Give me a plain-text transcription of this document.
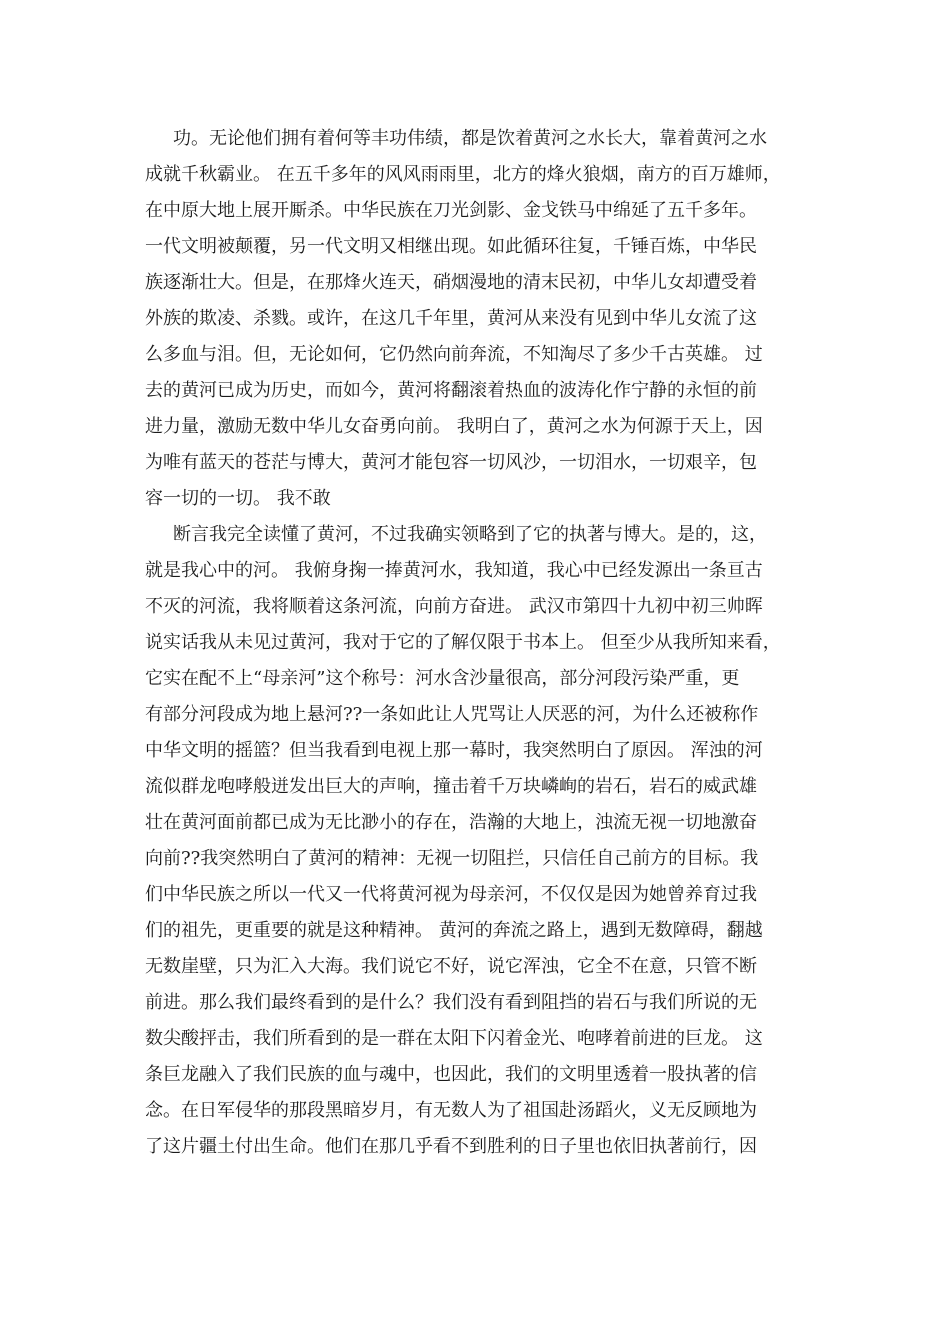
功。无论他们拥有着何等丰功伟绩，都是饮着黄河之水长大，靠着黄河之水
成就千秋霸业。 在五千多年的风风雨雨里，北方的烽火狼烟，南方的百万雄师，
在中原大地上展开厮杀。中华民族在刀光剑影、金戈铁马中绵延了五千多年。
一代文明被颠覆，另一代文明又相继出现。如此循环往复，千锤百炼，中华民
族逐渐壮大。但是，在那烽火连天，硝烟漫地的清末民初，中华儿女却遭受着
外族的欺凌、杀戮。或许，在这几千年里，黄河从来没有见到中华儿女流了这
么多血与泪。但，无论如何，它仍然向前奔流，不知淘尽了多少千古英雄。 过
去的黄河已成为历史，而如今，黄河将翻滚着热血的波涛化作宁静的永恒的前
进力量，激励无数中华儿女奋勇向前。 我明白了，黄河之水为何源于天上，因
为唯有蓝天的苍茫与博大，黄河才能包容一切风沙，一切泪水，一切艰辛，包
容一切的一切。 我不敢
断言我完全读懂了黄河，不过我确实领略到了它的执著与博大。是的，这，
就是我心中的河。 我俯身掬一捧黄河水，我知道，我心中已经发源出一条亘古
不灭的河流，我将顺着这条河流，向前方奋进。 武汉市第四十九初中初三帅晖
说实话我从未见过黄河，我对于它的了解仅限于书本上。 但至少从我所知来看，
它实在配不上“母亲河”这个称号：河水含沙量很高，部分河段污染严重，更
有部分河段成为地上悬河??一条如此让人咒骂让人厌恶的河，为什么还被称作
中华文明的摇篮？但当我看到电视上那一幕时，我突然明白了原因。 浑浊的河
流似群龙咆哮般迸发出巨大的声响，撞击着千万块嶙峋的岩石，岩石的威武雄
壮在黄河面前都已成为无比渺小的存在，浩瀚的大地上，浊流无视一切地激奋
向前??我突然明白了黄河的精神：无视一切阻拦，只信任自己前方的目标。我
们中华民族之所以一代又一代将黄河视为母亲河，不仅仅是因为她曾养育过我
们的祖先，更重要的就是这种精神。 黄河的奔流之路上，遇到无数障碍，翻越
无数崖壁，只为汇入大海。我们说它不好，说它浑浊，它全不在意，只管不断
前进。那么我们最终看到的是什么？我们没有看到阻挡的岩石与我们所说的无
数尖酸抨击，我们所看到的是一群在太阳下闪着金光、咆哮着前进的巨龙。 这
条巨龙融入了我们民族的血与魂中，也因此，我们的文明里透着一股执著的信
念。在日军侵华的那段黑暗岁月，有无数人为了祖国赴汤蹈火，义无反顾地为
了这片疆土付出生命。他们在那几乎看不到胜利的日子里也依旧执著前行，因
